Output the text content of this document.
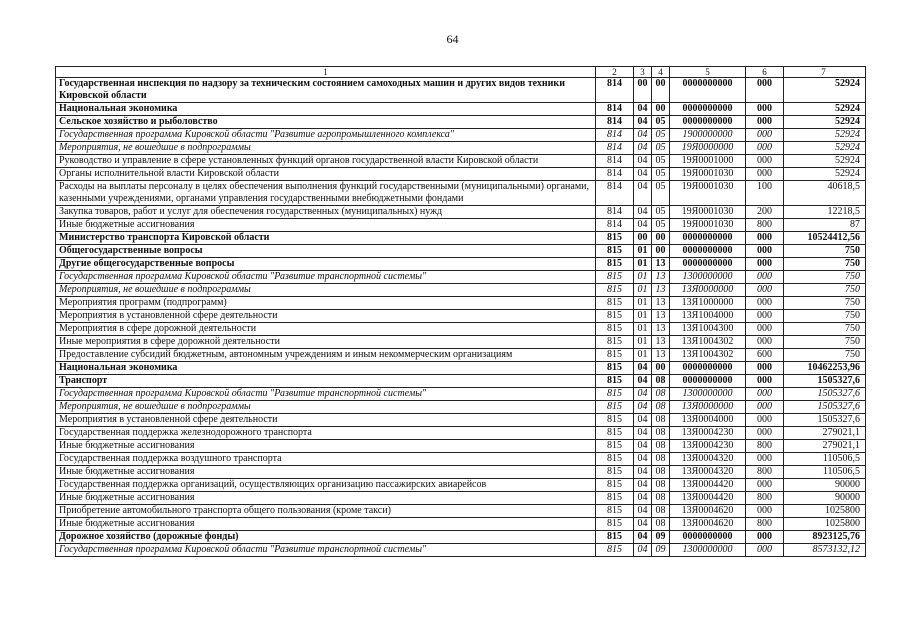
64
1	2	3	4	5	6	7
Государственная инспекция по надзору за техническим состоянием самоходных машин и других видов техники Кировской области	814	00	00	0000000000	000	52924
Национальная экономика	814	04	00	0000000000	000	52924
Сельское хозяйство и рыболовство	814	04	05	0000000000	000	52924
Государственная программа Кировской области "Развитие агропромышленного комплекса"	814	04	05	1900000000	000	52924
Мероприятия, не вошедшие в подпрограммы	814	04	05	19Я0000000	000	52924
Руководство и управление в сфере установленных функций органов государственной власти Кировской области	814	04	05	19Я0001000	000	52924
Органы исполнительной власти Кировской области	814	04	05	19Я0001030	000	52924
Расходы на выплаты персоналу в целях обеспечения выполнения функций государственными (муниципальными) органами, казенными учреждениями, органами управления государственными внебюджетными фондами	814	04	05	19Я0001030	100	40618,5
Закупка товаров, работ и услуг для обеспечения государственных (муниципальных) нужд	814	04	05	19Я0001030	200	12218,5
Иные бюджетные ассигнования	814	04	05	19Я0001030	800	87
Министерство транспорта Кировской области	815	00	00	0000000000	000	10524412,56
Общегосударственные вопросы	815	01	00	0000000000	000	750
Другие общегосударственные вопросы	815	01	13	0000000000	000	750
Государственная программа Кировской области "Развитие транспортной системы"	815	01	13	1300000000	000	750
Мероприятия, не вошедшие в подпрограммы	815	01	13	13Я0000000	000	750
Мероприятия программ (подпрограмм)	815	01	13	13Я1000000	000	750
Мероприятия в установленной сфере деятельности	815	01	13	13Я1004000	000	750
Мероприятия в сфере дорожной деятельности	815	01	13	13Я1004300	000	750
Иные мероприятия в сфере дорожной деятельности	815	01	13	13Я1004302	000	750
Предоставление субсидий бюджетным, автономным учреждениям и иным некоммерческим организациям	815	01	13	13Я1004302	600	750
Национальная экономика	815	04	00	0000000000	000	10462253,96
Транспорт	815	04	08	0000000000	000	1505327,6
Государственная программа Кировской области "Развитие транспортной системы"	815	04	08	1300000000	000	1505327,6
Мероприятия, не вошедшие в подпрограммы	815	04	08	13Я0000000	000	1505327,6
Мероприятия в установленной сфере деятельности	815	04	08	13Я0004000	000	1505327,6
Государственная поддержка железнодорожного транспорта	815	04	08	13Я0004230	000	279021,1
Иные бюджетные ассигнования	815	04	08	13Я0004230	800	279021,1
Государственная поддержка воздушного транспорта	815	04	08	13Я0004320	000	110506,5
Иные бюджетные ассигнования	815	04	08	13Я0004320	800	110506,5
Государственная поддержка организаций, осуществляющих организацию пассажирских авиарейсов	815	04	08	13Я0004420	000	90000
Иные бюджетные ассигнования	815	04	08	13Я0004420	800	90000
Приобретение автомобильного транспорта общего пользования (кроме такси)	815	04	08	13Я0004620	000	1025800
Иные бюджетные ассигнования	815	04	08	13Я0004620	800	1025800
Дорожное хозяйство (дорожные фонды)	815	04	09	0000000000	000	8923125,76
Государственная программа Кировской области "Развитие транспортной системы"	815	04	09	1300000000	000	8573132,12
